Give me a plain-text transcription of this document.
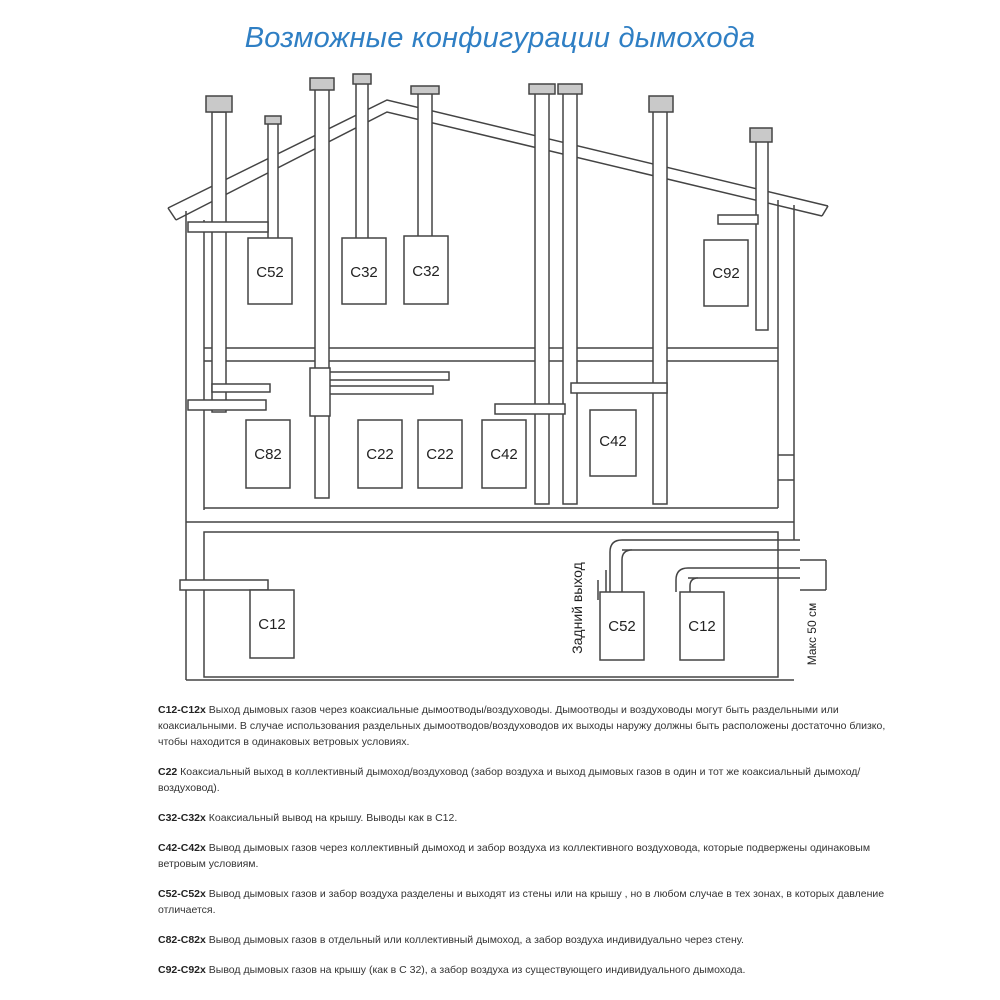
Возможные конфигурации дымохода
C52	C32 C32	C92
C82	C22 C22 C42
C42
C12	C52	C12
Задний выход	Макс 50 см

C12-C12x Выход дымовых газов через коаксиальные дымоотводы/воздуховоды. Дымоотводы и воздуховоды могут быть раздельными или коаксиальными. В случае использования раздельных дымоотводов/воздуховодов их выходы наружу должны быть расположены достаточно близко, чтобы находится в одинаковых ветровых условиях.

C22 Коаксиальный выход в коллективный дымоход/воздуховод (забор воздуха и выход дымовых газов в один и тот же коаксиальный дымоход/воздуховод).

C32-C32x Коаксиальный вывод на крышу. Выводы как в C12.

C42-C42x Вывод дымовых газов через коллективный дымоход и забор воздуха из коллективного воздуховода, которые подвержены одинаковым ветровым условиям.

C52-C52x Вывод дымовых газов и забор воздуха разделены и выходят из стены или на крышу , но в любом случае в тех зонах, в которых давление отличается.

C82-C82x Вывод дымовых газов в отдельный или коллективный дымоход, а забор воздуха индивидуально через стену.

C92-C92x Вывод дымовых газов на крышу (как в C 32), а забор воздуха из существующего индивидуального дымохода.
